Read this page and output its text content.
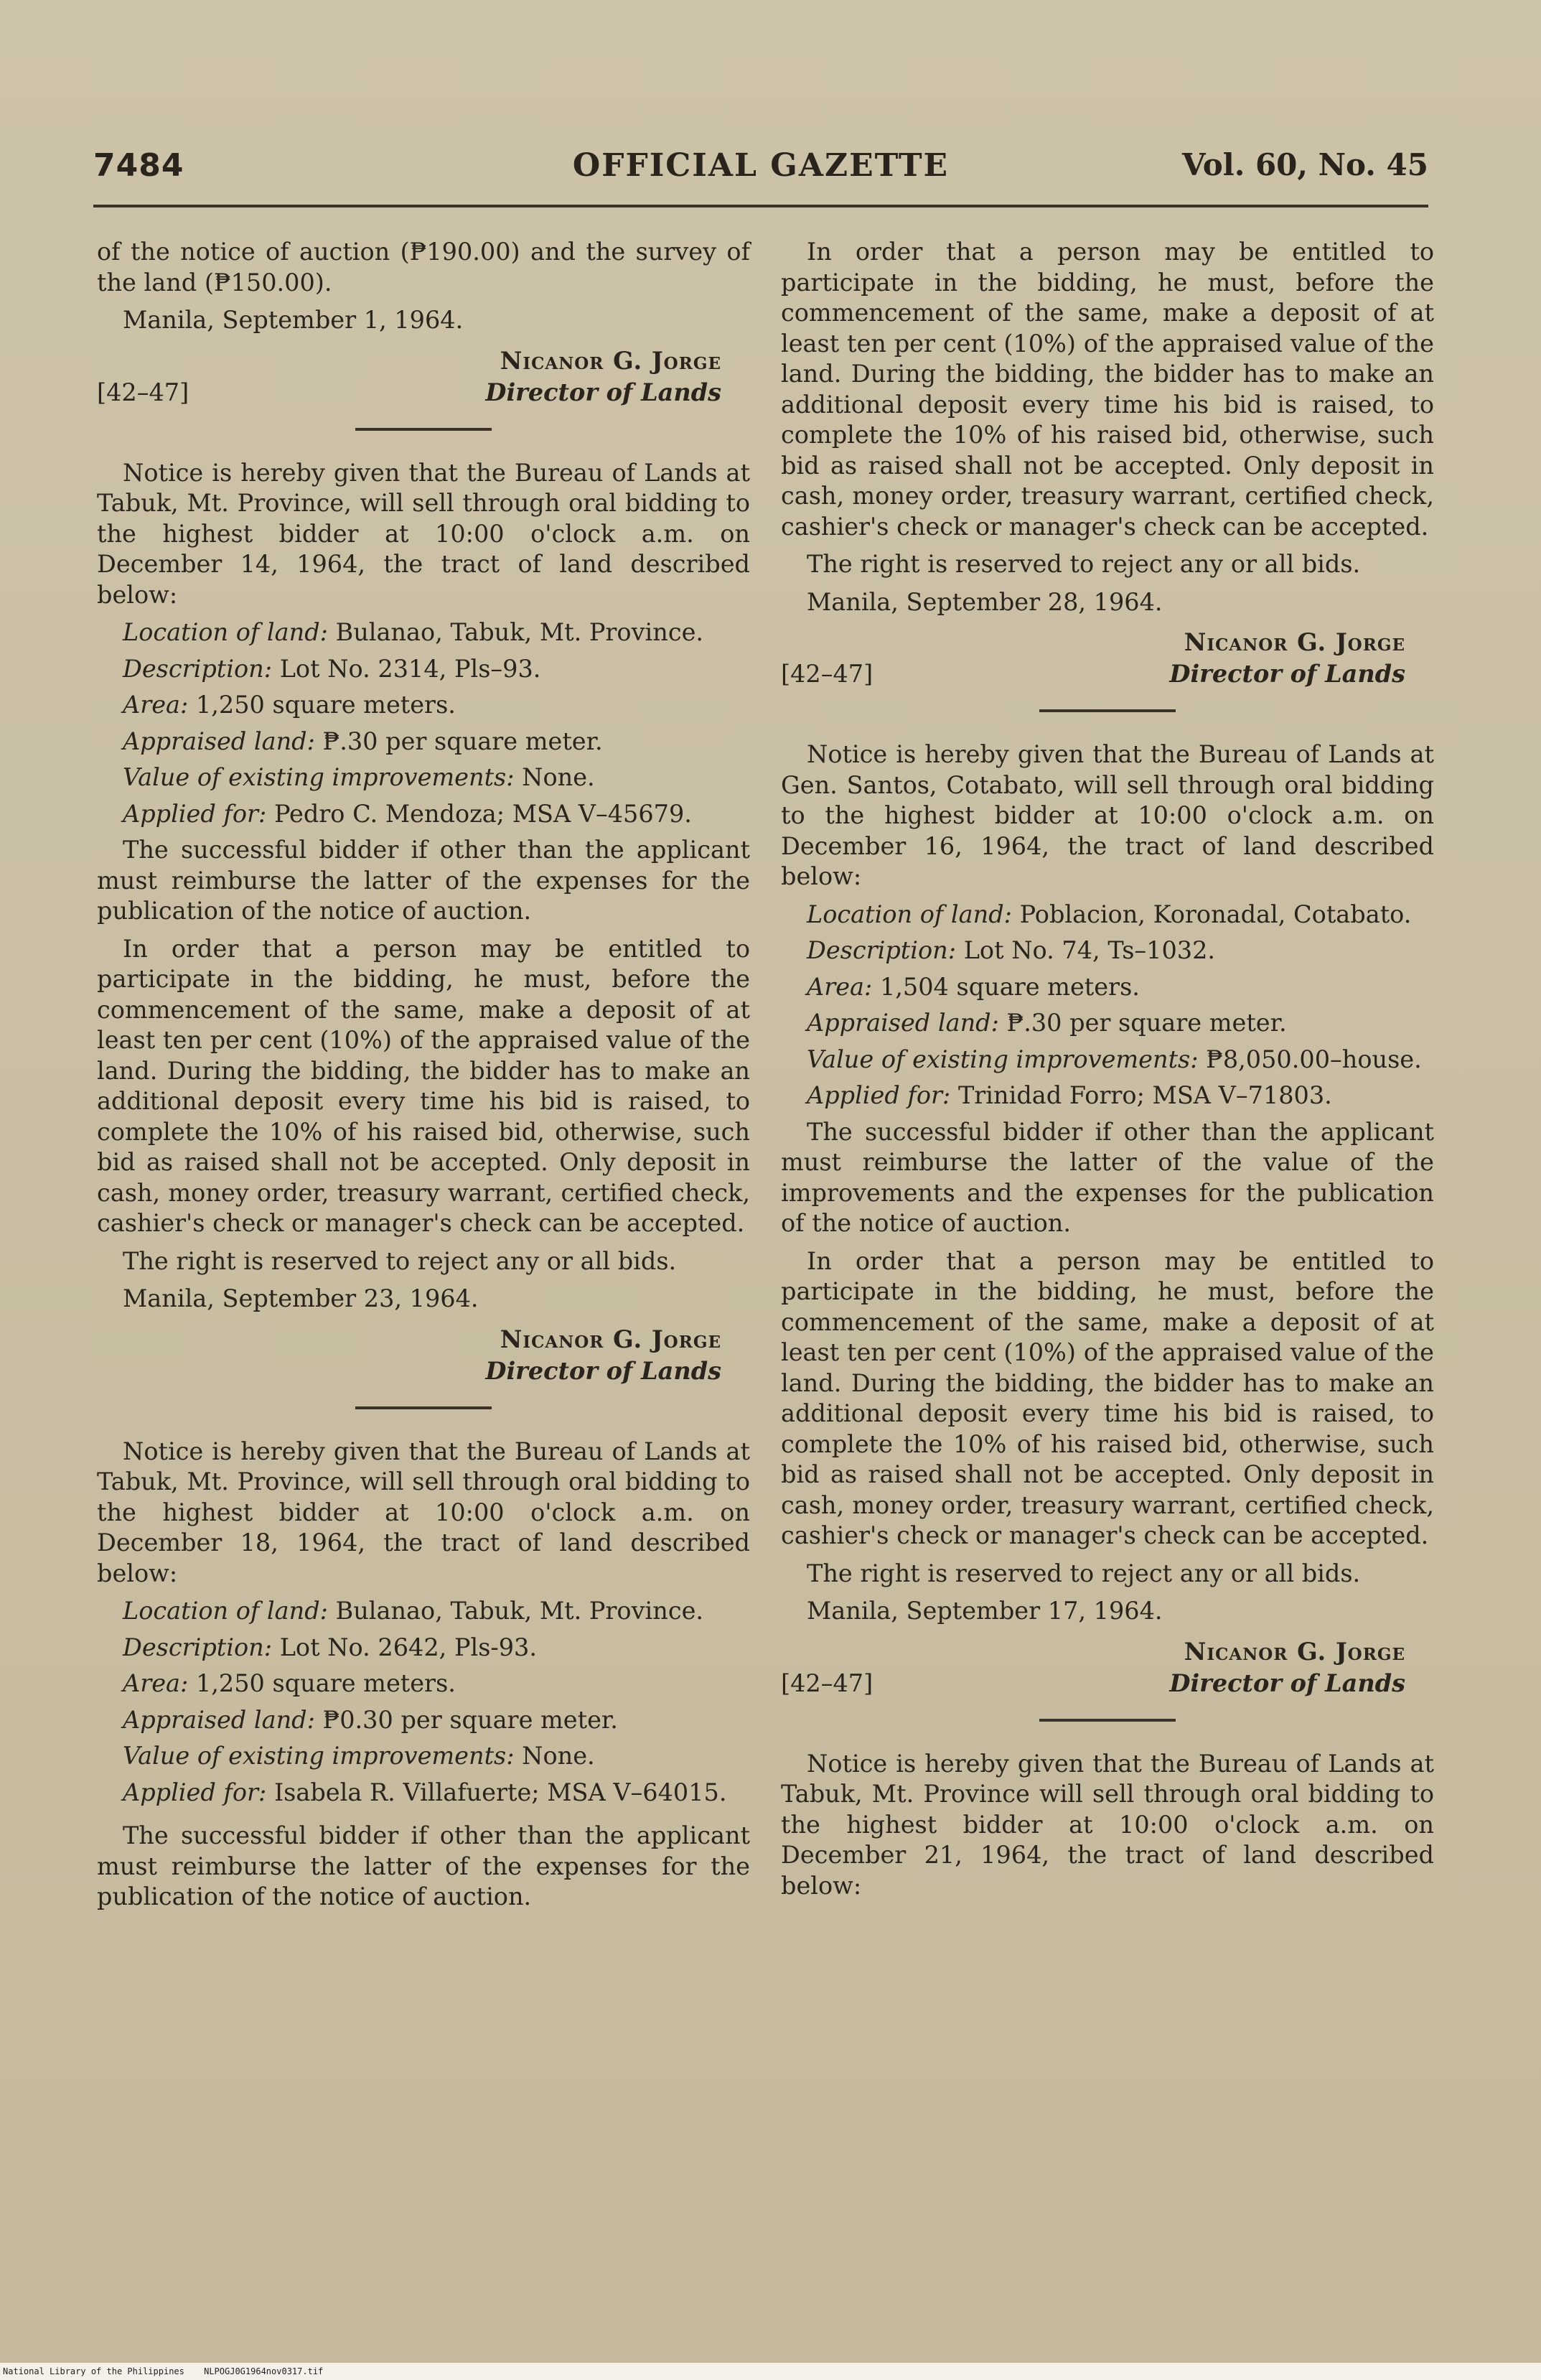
7484	OFFICIAL GAZETTE	Vol. 60, No. 45

of the notice of auction (₱190.00) and the survey of the land (₱150.00).

Manila, September 1, 1964.
Nicanor G. Jorge
[42–47]	Director of Lands

Notice is hereby given that the Bureau of Lands at Tabuk, Mt. Province, will sell through oral bidding to the highest bidder at 10:00 o'clock a.m. on December 14, 1964, the tract of land described below:

Location of land: Bulanao, Tabuk, Mt. Province.
Description: Lot No. 2314, Pls–93.
Area: 1,250 square meters.
Appraised land: ₱.30 per square meter.
Value of existing improvements: None.
Applied for: Pedro C. Mendoza; MSA V–45679.

The successful bidder if other than the applicant must reimburse the latter of the expenses for the publication of the notice of auction.

In order that a person may be entitled to participate in the bidding, he must, before the commencement of the same, make a deposit of at least ten per cent (10%) of the appraised value of the land. During the bidding, the bidder has to make an additional deposit every time his bid is raised, to complete the 10% of his raised bid, otherwise, such bid as raised shall not be accepted. Only deposit in cash, money order, treasury warrant, certified check, cashier's check or manager's check can be accepted.

The right is reserved to reject any or all bids.

Manila, September 23, 1964.
Nicanor G. Jorge
Director of Lands

Notice is hereby given that the Bureau of Lands at Tabuk, Mt. Province, will sell through oral bidding to the highest bidder at 10:00 o'clock a.m. on December 18, 1964, the tract of land described below:

Location of land: Bulanao, Tabuk, Mt. Province.
Description: Lot No. 2642, Pls-93.
Area: 1,250 square meters.
Appraised land: ₱0.30 per square meter.
Value of existing improvements: None.
Applied for: Isabela R. Villafuerte; MSA V–64015.

The successful bidder if other than the applicant must reimburse the latter of the expenses for the publication of the notice of auction.

In order that a person may be entitled to participate in the bidding, he must, before the commencement of the same, make a deposit of at least ten per cent (10%) of the appraised value of the land. During the bidding, the bidder has to make an additional deposit every time his bid is raised, to complete the 10% of his raised bid, otherwise, such bid as raised shall not be accepted. Only deposit in cash, money order, treasury warrant, certified check, cashier's check or manager's check can be accepted.

The right is reserved to reject any or all bids.

Manila, September 28, 1964.
Nicanor G. Jorge
[42–47]	Director of Lands

Notice is hereby given that the Bureau of Lands at Gen. Santos, Cotabato, will sell through oral bidding to the highest bidder at 10:00 o'clock a.m. on December 16, 1964, the tract of land described below:

Location of land: Poblacion, Koronadal, Cotabato.
Description: Lot No. 74, Ts–1032.
Area: 1,504 square meters.
Appraised land: ₱.30 per square meter.
Value of existing improvements: ₱8,050.00–house.
Applied for: Trinidad Forro; MSA V–71803.

The successful bidder if other than the applicant must reimburse the latter of the value of the improvements and the expenses for the publication of the notice of auction.

In order that a person may be entitled to participate in the bidding, he must, before the commencement of the same, make a deposit of at least ten per cent (10%) of the appraised value of the land. During the bidding, the bidder has to make an additional deposit every time his bid is raised, to complete the 10% of his raised bid, otherwise, such bid as raised shall not be accepted. Only deposit in cash, money order, treasury warrant, certified check, cashier's check or manager's check can be accepted.

The right is reserved to reject any or all bids.

Manila, September 17, 1964.
Nicanor G. Jorge
[42–47]	Director of Lands

Notice is hereby given that the Bureau of Lands at Tabuk, Mt. Province will sell through oral bidding to the highest bidder at 10:00 o'clock a.m. on December 21, 1964, the tract of land described below:

National Library of the Philippines NLPOGJ0G1964nov0317.tif
